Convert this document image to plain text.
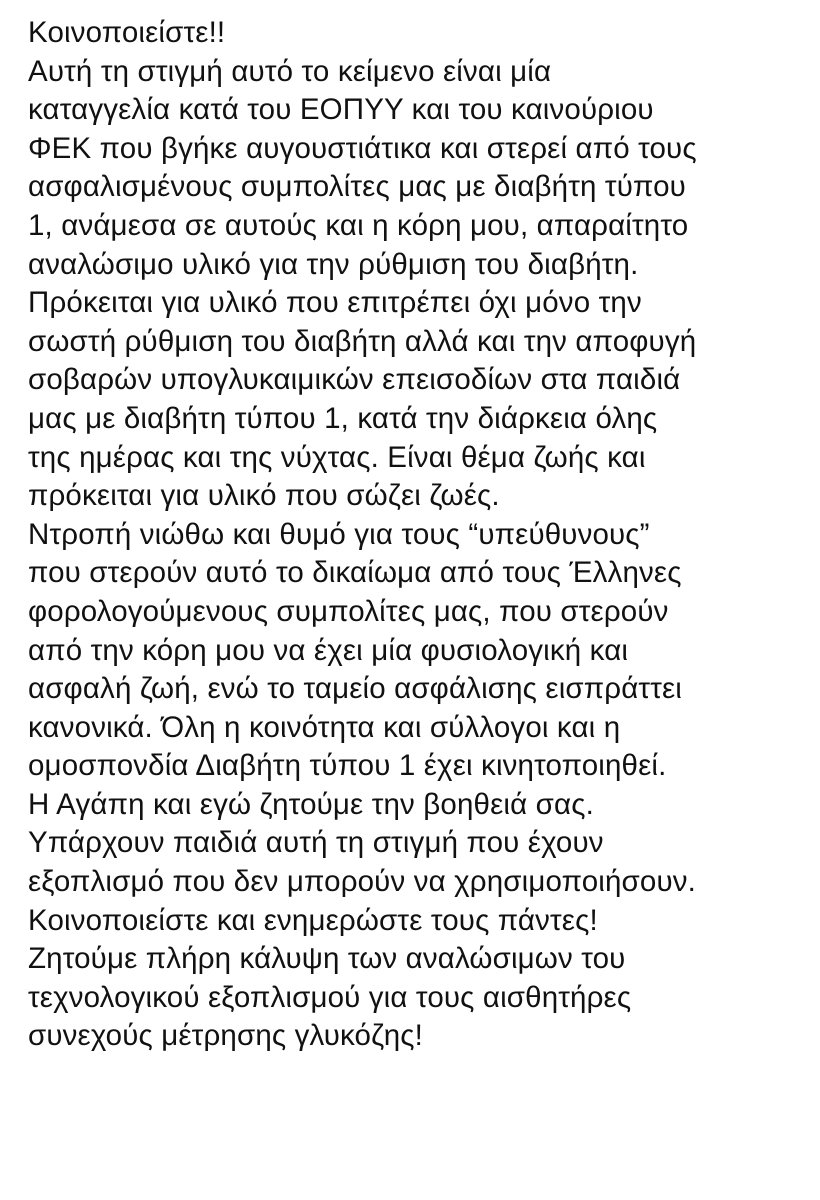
Κοινοποιείστε!!
Αυτή τη στιγμή αυτό το κείμενο είναι μία
καταγγελία κατά του ΕΟΠΥΥ και του καινούριου
ΦΕΚ που βγήκε αυγουστιάτικα και στερεί από τους
ασφαλισμένους συμπολίτες μας με διαβήτη τύπου
1, ανάμεσα σε αυτούς και η κόρη μου, απαραίτητο
αναλώσιμο υλικό για την ρύθμιση του διαβήτη.
Πρόκειται για υλικό που επιτρέπει όχι μόνο την
σωστή ρύθμιση του διαβήτη αλλά και την αποφυγή
σοβαρών υπογλυκαιμικών επεισοδίων στα παιδιά
μας με διαβήτη τύπου 1, κατά την διάρκεια όλης
της ημέρας και της νύχτας. Είναι θέμα ζωής και
πρόκειται για υλικό που σώζει ζωές.
Ντροπή νιώθω και θυμό για τους “υπεύθυνους”
που στερούν αυτό το δικαίωμα από τους Έλληνες
φορολογούμενους συμπολίτες μας, που στερούν
από την κόρη μου να έχει μία φυσιολογική και
ασφαλή ζωή, ενώ το ταμείο ασφάλισης εισπράττει
κανονικά. Όλη η κοινότητα και σύλλογοι και η
ομοσπονδία Διαβήτη τύπου 1 έχει κινητοποιηθεί.
Η Αγάπη και εγώ ζητούμε την βοηθειά σας.
Υπάρχουν παιδιά αυτή τη στιγμή που έχουν
εξοπλισμό που δεν μπορούν να χρησιμοποιήσουν.
Κοινοποιείστε και ενημερώστε τους πάντες!
Ζητούμε πλήρη κάλυψη των αναλώσιμων του
τεχνολογικού εξοπλισμού για τους αισθητήρες
συνεχούς μέτρησης γλυκόζης!
